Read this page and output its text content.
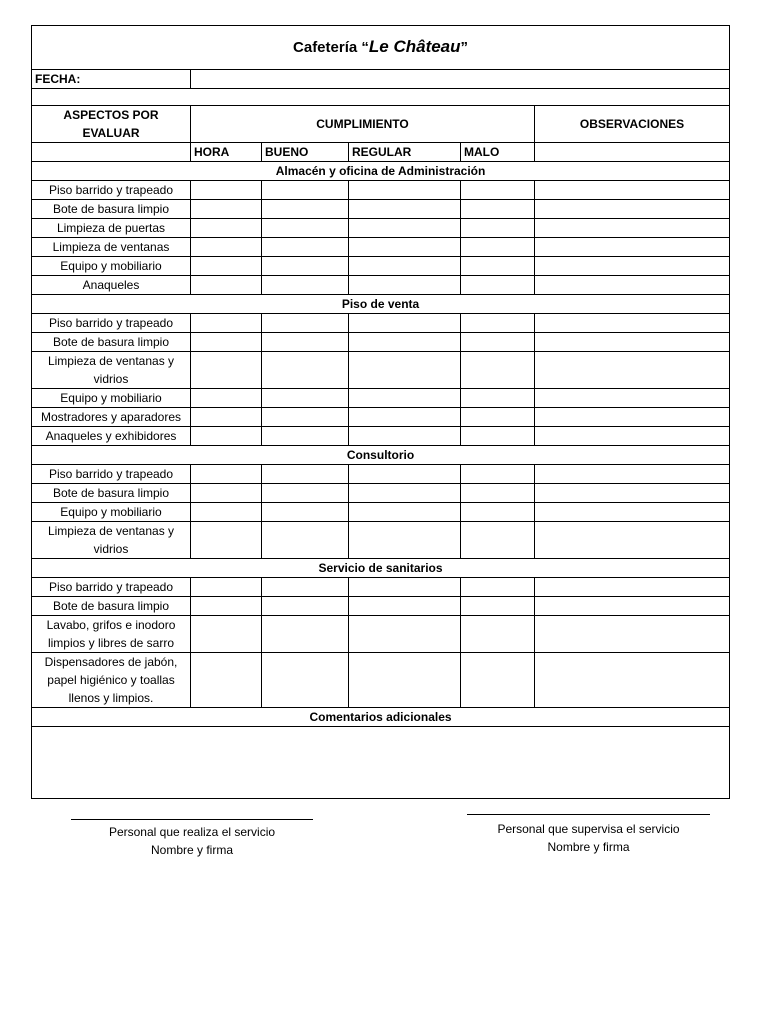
Cafetería “Le Château”					
FECHA:					

ASPECTOS POR EVALUAR	CUMPLIMIENTO				OBSERVACIONES
	HORA	BUENO	REGULAR	MALO	
Almacén y oficina de Administración					
Piso barrido y trapeado					
Bote de basura limpio					
Limpieza de puertas					
Limpieza de ventanas					
Equipo y mobiliario					
Anaqueles					
Piso de venta					
Piso barrido y trapeado					
Bote de basura limpio					
Limpieza de ventanas y vidrios					
Equipo y mobiliario					
Mostradores y aparadores					
Anaqueles y exhibidores					
Consultorio					
Piso barrido y trapeado					
Bote de basura limpio					
Equipo y mobiliario					
Limpieza de ventanas y vidrios					
Servicio de sanitarios					
Piso barrido y trapeado					
Bote de basura limpio					
Lavabo, grifos e inodoro limpios y libres de sarro					
Dispensadores de jabón, papel higiénico y toallas llenos y limpios.					
Comentarios adicionales					

Personal que realiza el servicio
Nombre y firma
Personal que supervisa el servicio
Nombre y firma
